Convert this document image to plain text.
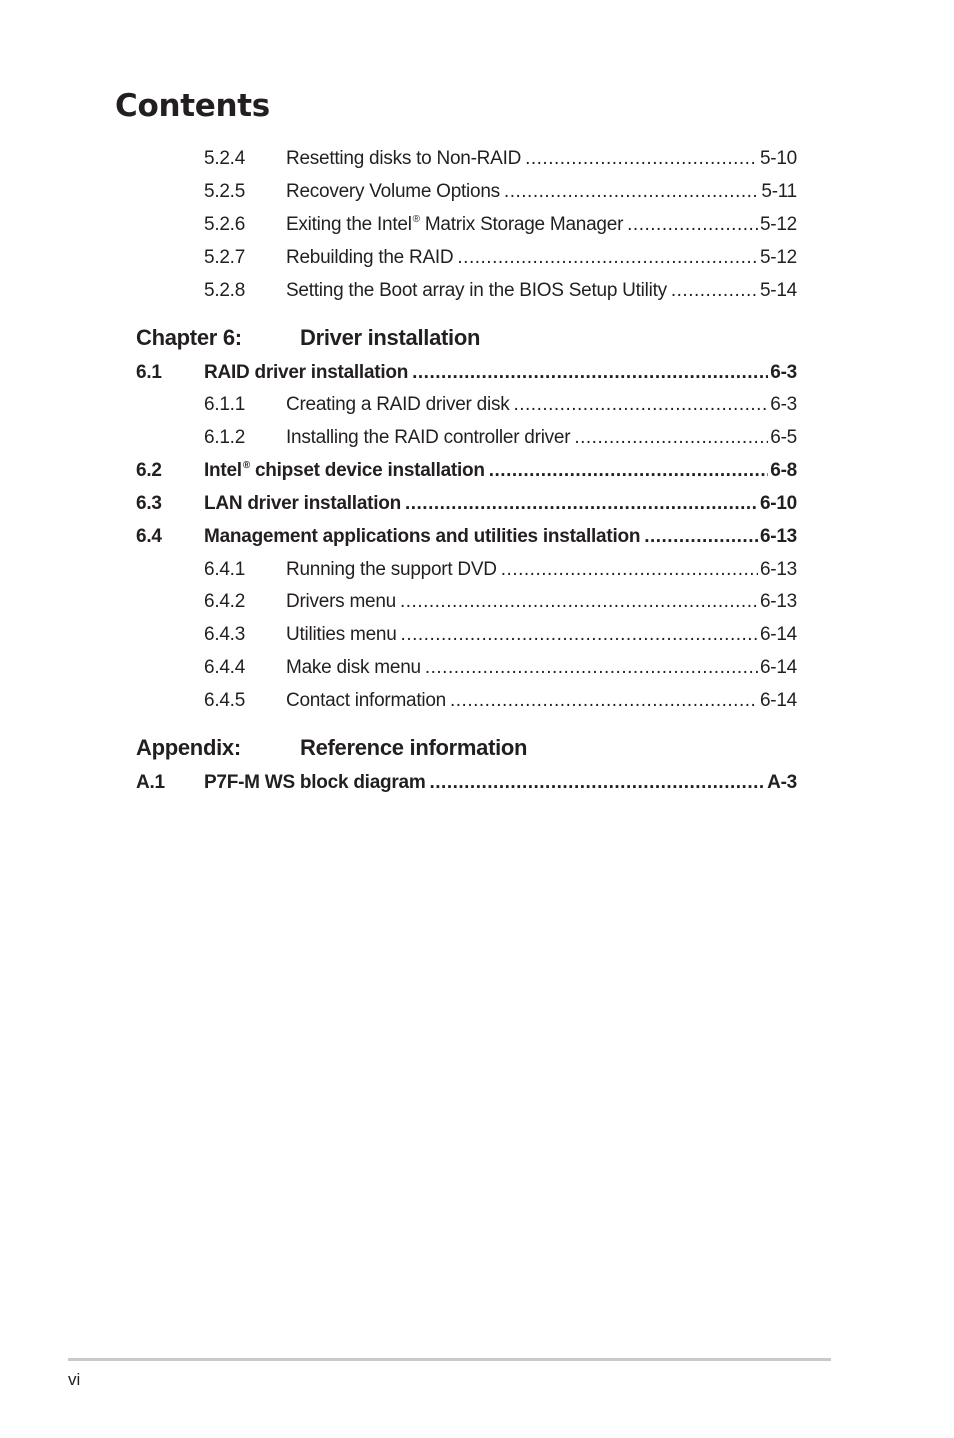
Contents
5.2.4 Resetting disks to Non-RAID .....	5-10
5.2.5 Recovery Volume Options .....	5-11
5.2.6 Exiting the Intel® Matrix Storage Manager .....	5-12
5.2.7 Rebuilding the RAID .....	5-12
5.2.8 Setting the Boot array in the BIOS Setup Utility .....	5-14
Chapter 6:	Driver installation
6.1 RAID driver installation .....	6-3
6.1.1 Creating a RAID driver disk .....	6-3
6.1.2 Installing the RAID controller driver .....	6-5
6.2 Intel® chipset device installation .....	6-8
6.3 LAN driver installation .....	6-10
6.4 Management applications and utilities installation .....	6-13
6.4.1 Running the support DVD .....	6-13
6.4.2 Drivers menu .....	6-13
6.4.3 Utilities menu .....	6-14
6.4.4 Make disk menu .....	6-14
6.4.5 Contact information .....	6-14
Appendix:	Reference information
A.1 P7F-M WS block diagram .....	A-3
vi
